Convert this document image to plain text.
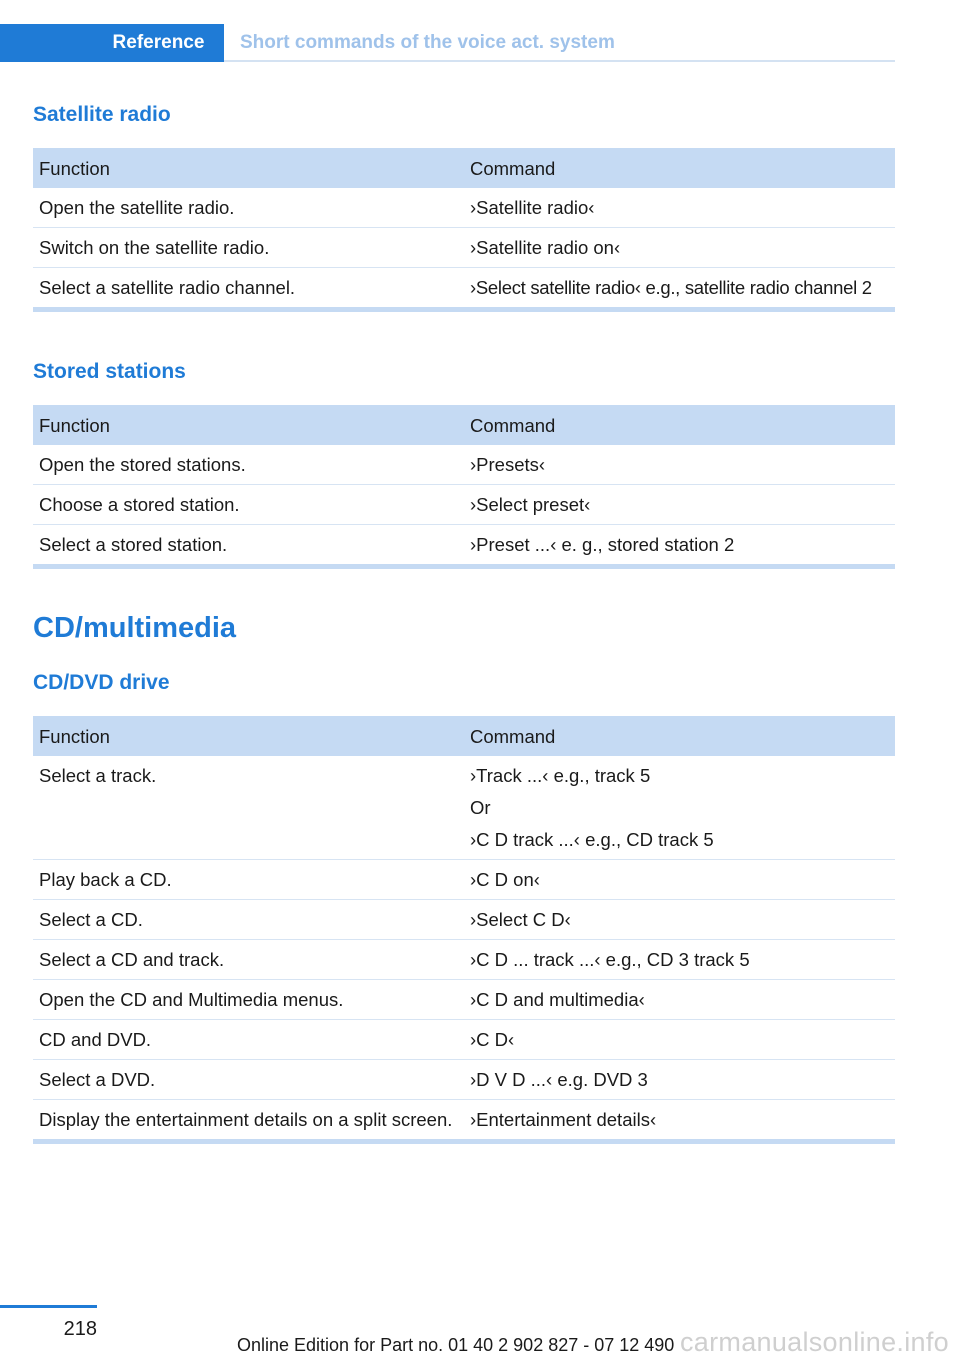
Reference	Short commands of the voice act. system
Satellite radio
Function	Command
Open the satellite radio.	›Satellite radio‹
Switch on the satellite radio.	›Satellite radio on‹
Select a satellite radio channel.	›Select satellite radio‹ e.g., satellite radio channel 2
Stored stations
Function	Command
Open the stored stations.	›Presets‹
Choose a stored station.	›Select preset‹
Select a stored station.	›Preset ...‹ e. g., stored station 2
CD/multimedia
CD/DVD drive
Function	Command
Select a track.	›Track ...‹ e.g., track 5
Or
›C D track ...‹ e.g., CD track 5
Play back a CD.	›C D on‹
Select a CD.	›Select C D‹
Select a CD and track.	›C D ... track ...‹ e.g., CD 3 track 5
Open the CD and Multimedia menus.	›C D and multimedia‹
CD and DVD.	›C D‹
Select a DVD.	›D V D ...‹ e.g. DVD 3
Display the entertainment details on a split screen. ›Entertainment details‹
218
Online Edition for Part no. 01 40 2 902 827 - 07 12 490 carmanualsonline.info
